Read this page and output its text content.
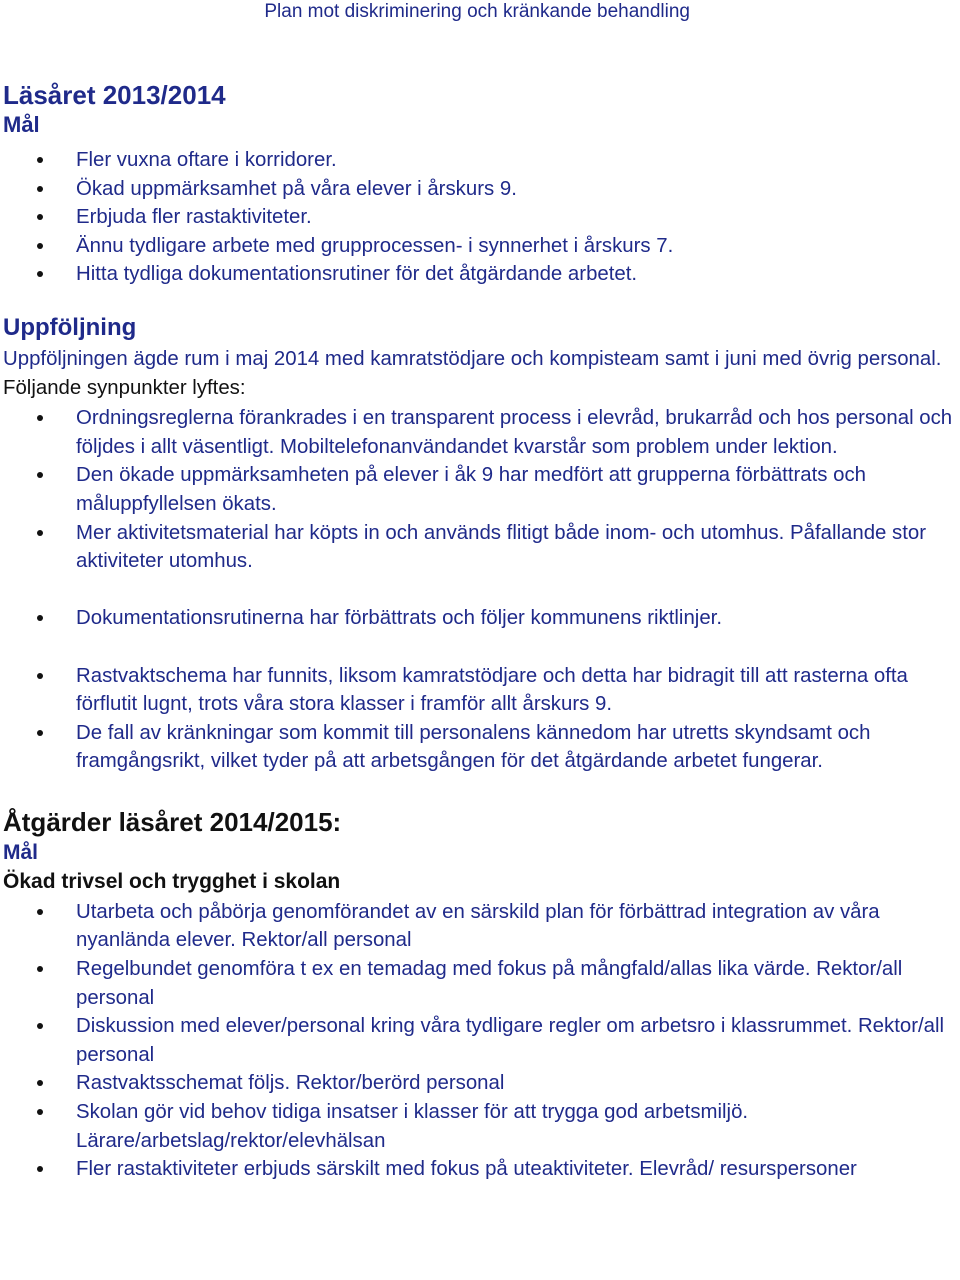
Plan mot diskriminering och kränkande behandling
Läsåret 2013/2014
Mål
Fler vuxna oftare i korridorer.
Ökad uppmärksamhet på våra elever i årskurs 9.
Erbjuda fler rastaktiviteter.
Ännu tydligare arbete med grupprocessen- i synnerhet i årskurs 7.
Hitta tydliga dokumentationsrutiner för det åtgärdande arbetet.
Uppföljning

Uppföljningen ägde rum i maj 2014 med kamratstödjare och kompisteam samt i juni med övrig personal. Följande synpunkter lyftes:

Ordningsreglerna förankrades i en transparent process i elevråd, brukarråd och hos personal och följdes i allt väsentligt. Mobiltelefonanvändandet kvarstår som problem under lektion.
Den ökade uppmärksamheten på elever i åk 9 har medfört att grupperna förbättrats och måluppfyllelsen ökats.
Mer aktivitetsmaterial har köpts in och används flitigt både inom- och utomhus. Påfallande stor aktiviteter utomhus.
Dokumentationsrutinerna har förbättrats och följer kommunens riktlinjer.
Rastvaktschema har funnits, liksom kamratstödjare och detta har bidragit till att rasterna ofta förflutit lugnt, trots våra stora klasser i framför allt årskurs 9.
De fall av kränkningar som kommit till personalens kännedom har utretts skyndsamt och framgångsrikt, vilket tyder på att arbetsgången för det åtgärdande arbetet fungerar.
Åtgärder läsåret 2014/2015:
Mål
Ökad trivsel och trygghet i skolan
Utarbeta och påbörja genomförandet av en särskild plan för förbättrad integration av våra nyanlända elever. Rektor/all personal
Regelbundet genomföra t ex en temadag med fokus på mångfald/allas lika värde. Rektor/all personal
Diskussion med elever/personal kring våra tydligare regler om arbetsro i klassrummet. Rektor/all personal
Rastvaktsschemat följs. Rektor/berörd personal
Skolan gör vid behov tidiga insatser i klasser för att trygga god arbetsmiljö. Lärare/arbetslag/rektor/elevhälsan
Fler rastaktiviteter erbjuds särskilt med fokus på uteaktiviteter. Elevråd/ resurspersoner
